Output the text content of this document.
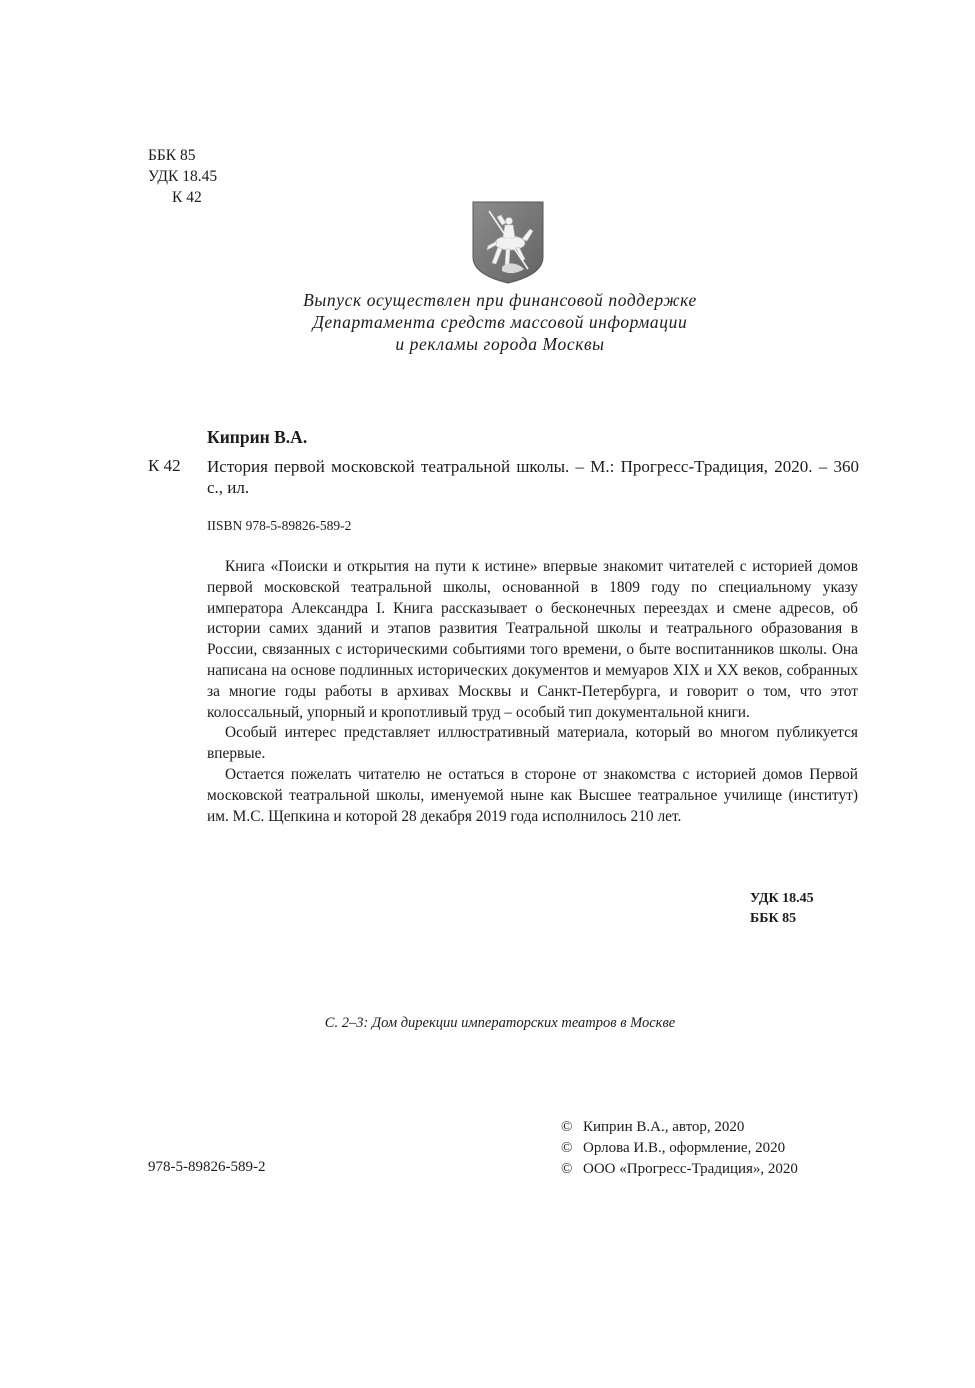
ББК 85
УДК 18.45
К 42
Выпуск осуществлен при финансовой поддержке
Департамента средств массовой информации
и рекламы города Москвы
Киприн В.А.
К 42 История первой московской театральной школы. – М.: Прогресс-Традиция, 2020. – 360 с., ил.
IISBN 978-5-89826-589-2

Книга «Поиски и открытия на пути к истине» впервые знакомит читателей с историей домов первой московской театральной школы, основанной в 1809 году по специальному указу императора Александра I. Книга рассказывает о бесконечных переездах и смене адресов, об истории самих зданий и этапов развития Театральной школы и театрального образования в России, связанных с историческими событиями того времени, о быте воспитанников школы. Она написана на основе подлинных исторических документов и мемуаров XIX и XX веков, собранных за многие годы работы в архивах Москвы и Санкт-Петербурга, и говорит о том, что этот колоссальный, упорный и кропотливый труд – особый тип документальной книги.

Особый интерес представляет иллюстративный материала, который во многом публикуется впервые.

Остается пожелать читателю не остаться в стороне от знакомства с историей домов Первой московской театральной школы, именуемой ныне как Высшее театральное училище (институт) им. М.С. Щепкина и которой 28 декабря 2019 года исполнилось 210 лет.

УДК 18.45
ББК 85
С. 2–3: Дом дирекции императорских театров в Москве
© Киприн В.А., автор, 2020
© Орлова И.В., оформление, 2020
© ООО «Прогресс-Традиция», 2020
978-5-89826-589-2
